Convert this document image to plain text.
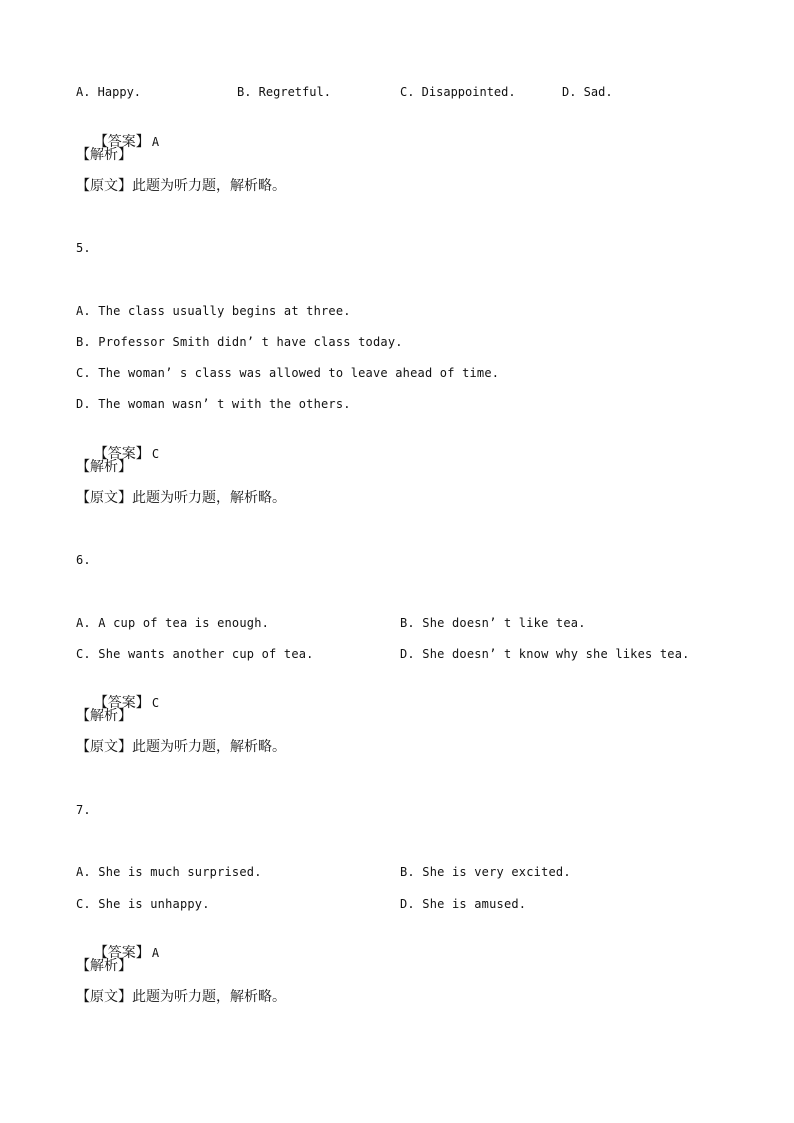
A. Happy.	B. Regretful.	C. Disappointed.	D. Sad.

【答案】 A

【解析】
【原文】此题为听力题，解析略。
5.
A. The class usually begins at three.
B. Professor Smith didn’ t have class today.
C. The woman’ s class was allowed to leave ahead of time.
D. The woman wasn’ t with the others.

【答案】 C

【解析】
【原文】此题为听力题，解析略。
6.
A. A cup of tea is enough.	B. She doesn’ t like tea.
C. She wants another cup of tea.	D. She doesn’ t know why she likes tea.

【答案】 C

【解析】
【原文】此题为听力题，解析略。
7.
A. She is much surprised.	B. She is very excited.
C. She is unhappy.	D. She is amused.

【答案】 A

【解析】
【原文】此题为听力题，解析略。
